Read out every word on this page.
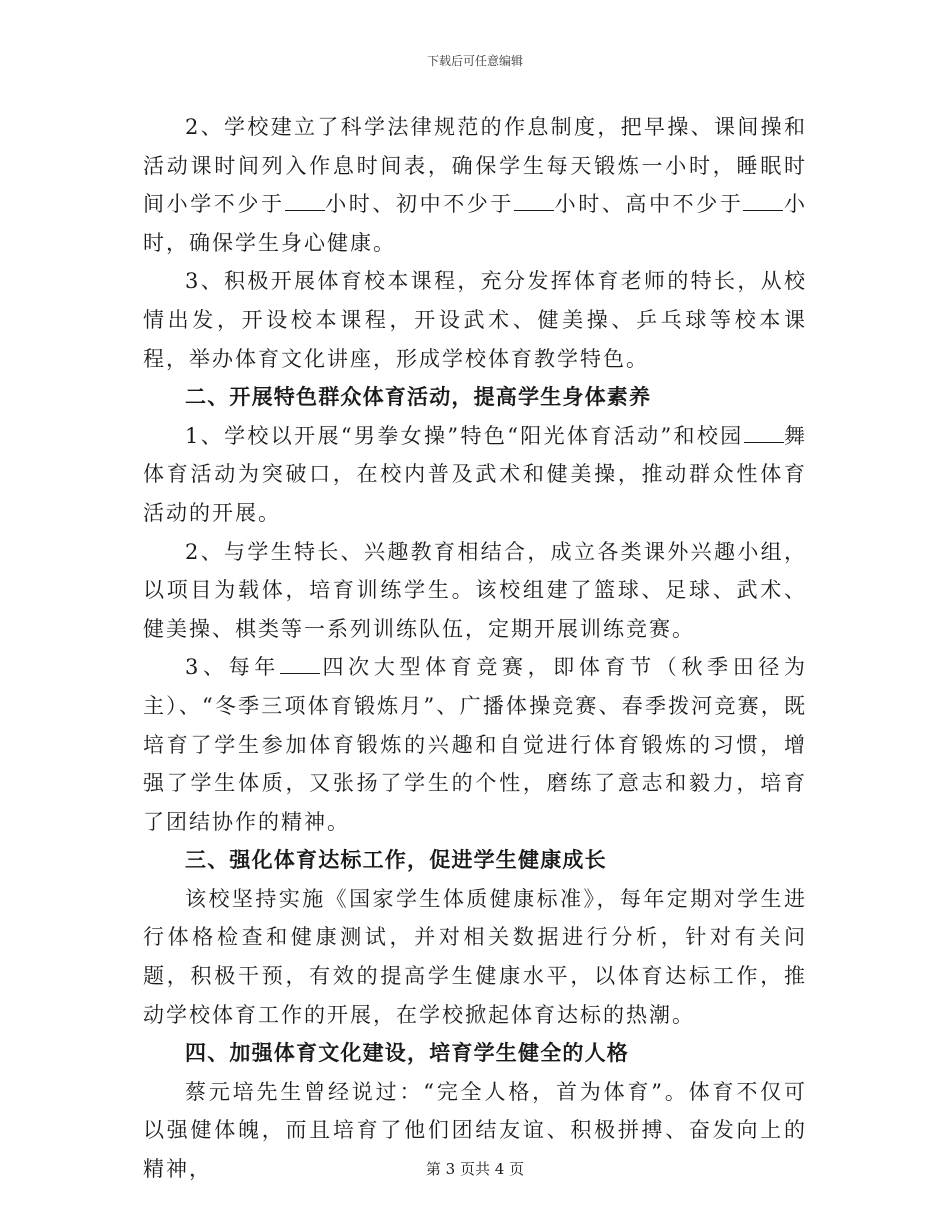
下载后可任意编辑

2、学校建立了科学法律规范的作息制度，把早操、课间操和活动课时间列入作息时间表，确保学生每天锻炼一小时，睡眠时间小学不少于 小时、初中不少于 小时、高中不少于 小时，确保学生身心健康。

3、积极开展体育校本课程，充分发挥体育老师的特长，从校情出发，开设校本课程，开设武术、健美操、乒乓球等校本课程，举办体育文化讲座，形成学校体育教学特色。

二、开展特色群众体育活动，提高学生身体素养

1、学校以开展“男拳女操”特色“阳光体育活动”和校园 舞体育活动为突破口，在校内普及武术和健美操，推动群众性体育活动的开展。

2、与学生特长、兴趣教育相结合，成立各类课外兴趣小组，以项目为载体，培育训练学生。该校组建了篮球、足球、武术、健美操、棋类等一系列训练队伍，定期开展训练竞赛。

3、每年 四次大型体育竞赛，即体育节（秋季田径为主）、“冬季三项体育锻炼月”、广播体操竞赛、春季拨河竞赛，既培育了学生参加体育锻炼的兴趣和自觉进行体育锻炼的习惯，增强了学生体质，又张扬了学生的个性，磨练了意志和毅力，培育了团结协作的精神。

三、强化体育达标工作，促进学生健康成长

该校坚持实施《国家学生体质健康标准》，每年定期对学生进行体格检查和健康测试，并对相关数据进行分析，针对有关问题，积极干预，有效的提高学生健康水平，以体育达标工作，推动学校体育工作的开展，在学校掀起体育达标的热潮。

四、加强体育文化建设，培育学生健全的人格

蔡元培先生曾经说过：“完全人格，首为体育”。体育不仅可以强健体魄，而且培育了他们团结友谊、积极拼搏、奋发向上的精神，	第 3 页共 4 页
